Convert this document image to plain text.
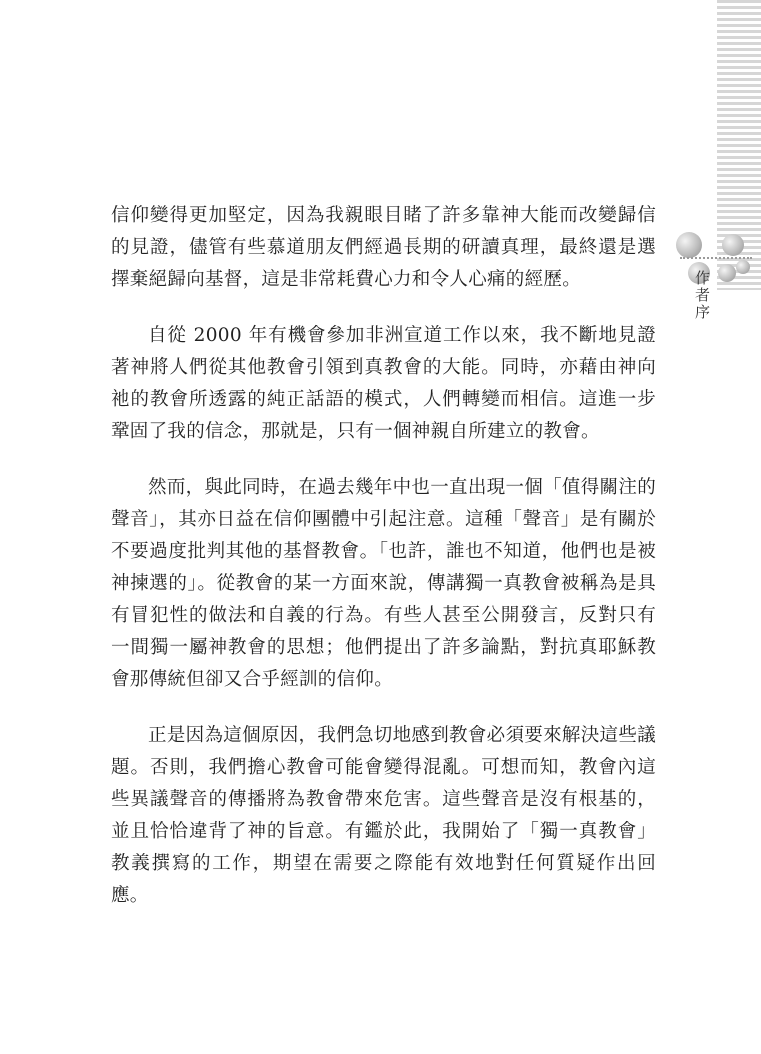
作者序

信仰變得更加堅定，因為我親眼目睹了許多靠神大能而改變歸信的見證，儘管有些慕道朋友們經過長期的研讀真理，最終還是選擇棄絕歸向基督，這是非常耗費心力和令人心痛的經歷。

自從 2000 年有機會參加非洲宣道工作以來，我不斷地見證著神將人們從其他教會引領到真教會的大能。同時，亦藉由神向祂的教會所透露的純正話語的模式，人們轉變而相信。這進一步鞏固了我的信念，那就是，只有一個神親自所建立的教會。

然而，與此同時，在過去幾年中也一直出現一個「值得關注的聲音」，其亦日益在信仰團體中引起注意。這種「聲音」是有關於不要過度批判其他的基督教會。「也許，誰也不知道，他們也是被神揀選的」。從教會的某一方面來說，傳講獨一真教會被稱為是具有冒犯性的做法和自義的行為。有些人甚至公開發言，反對只有一間獨一屬神教會的思想；他們提出了許多論點，對抗真耶穌教會那傳統但卻又合乎經訓的信仰。

正是因為這個原因，我們急切地感到教會必須要來解決這些議題。否則，我們擔心教會可能會變得混亂。可想而知，教會內這些異議聲音的傳播將為教會帶來危害。這些聲音是沒有根基的，並且恰恰違背了神的旨意。有鑑於此，我開始了「獨一真教會」教義撰寫的工作，期望在需要之際能有效地對任何質疑作出回應。
